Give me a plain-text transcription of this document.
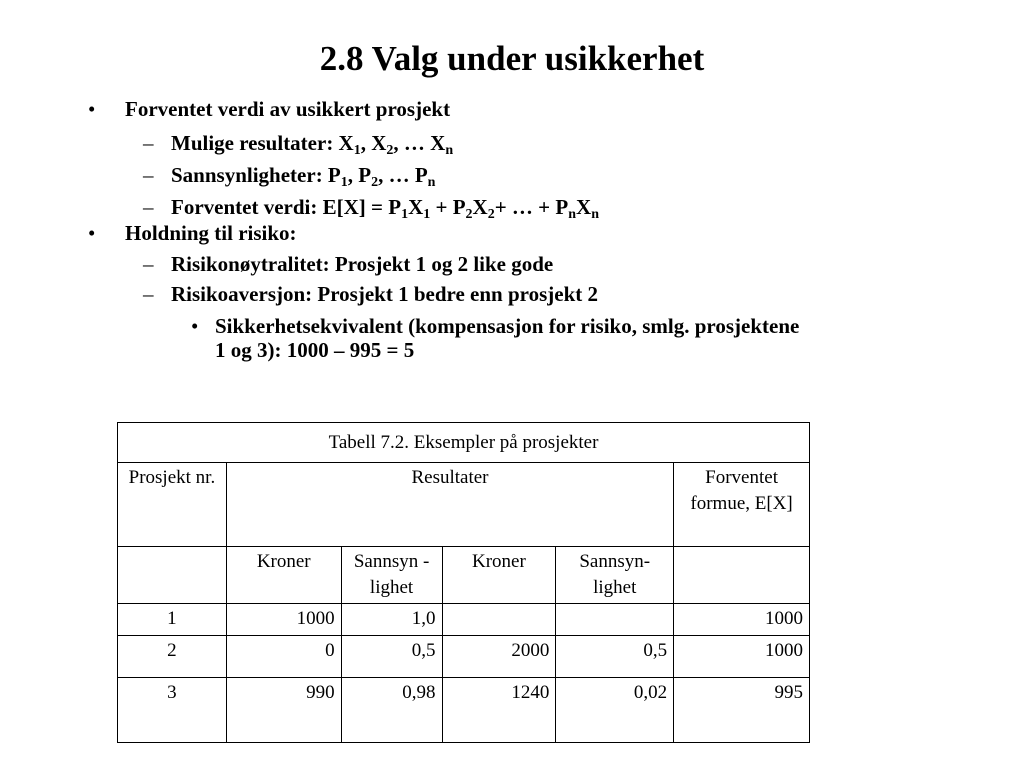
2.8 Valg under usikkerhet
• Forventet verdi av usikkert prosjekt
– Mulige resultater: $X_1$, $X_2$, … $X_n$
– Sannsynligheter: $P_1$, $P_2$, … $P_n$
– Forventet verdi: $E[X] = P_1X_1 + P_2X_2+$ … + $P_nX_n$
• Holdning til risiko:
– Risikonøytralitet: Prosjekt 1 og 2 like gode
– Risikoaversjon: Prosjekt 1 bedre enn prosjekt 2
• Sikkerhetsekvivalent (kompensasjon for risiko, smlg. prosjektene
1 og 3): 1000 – 995 = 5
Tabell 7.2. Eksempler på prosjekter					
Prosjekt nr.	Resultater				Forventet formue, E[X]
	Kroner	Sannsyn -lighet	Kroner	Sannsyn- lighet	
1	1000	1,0			1000
2	0	0,5	2000	0,5	1000
3	990	0,98	1240	0,02	995
